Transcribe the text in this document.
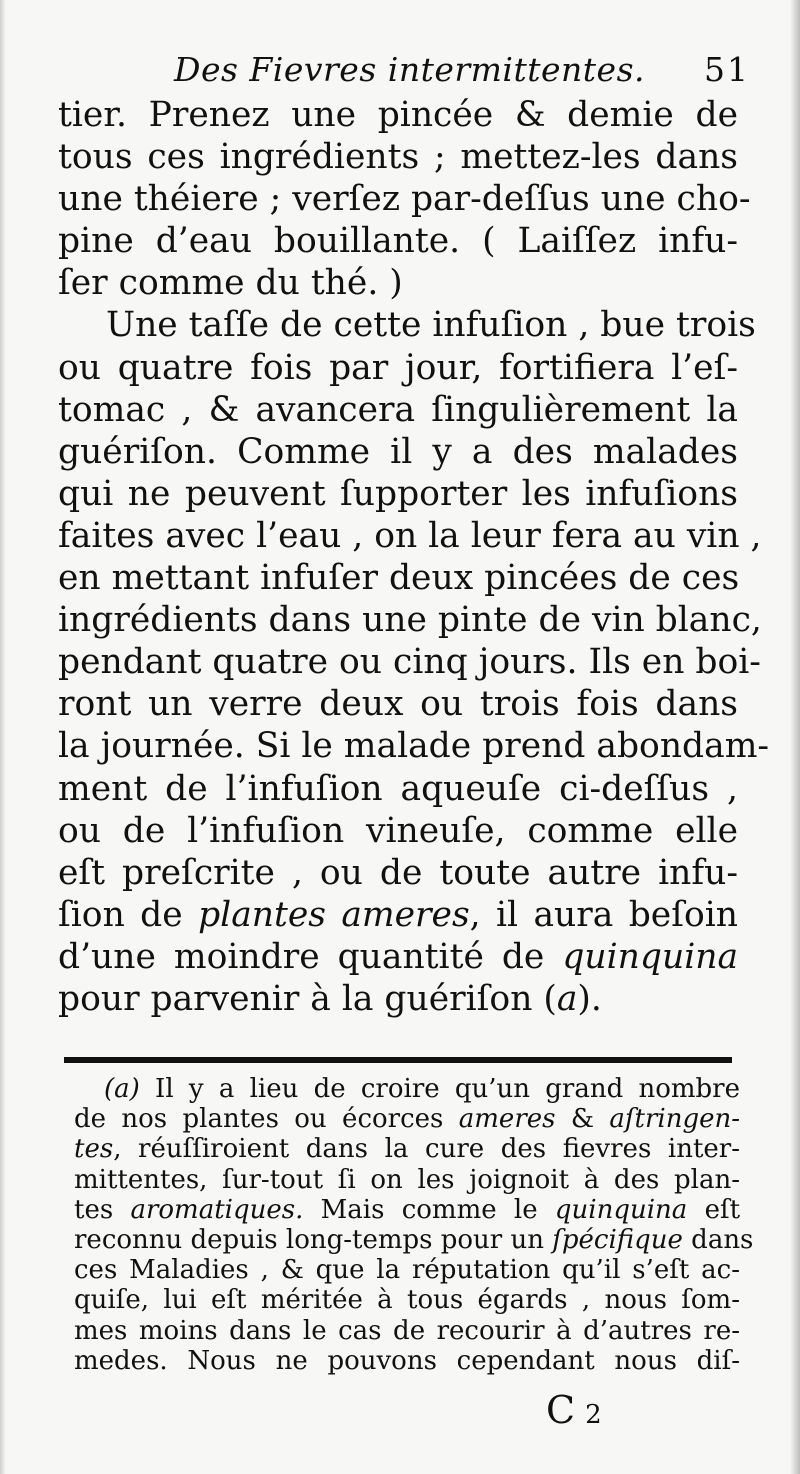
Des Fievres intermittentes. 51
tier. Prenez une pincée & demie de
tous ces ingrédients ; mettez-les dans
une théiere ; verſez par-deſſus une cho-
pine d’eau bouillante. ( Laiſſez infu-
ſer comme du thé. )
Une taſſe de cette infuſion , bue trois
ou quatre fois par jour, fortifiera l’eſ-
tomac , & avancera ſingulièrement la
guériſon. Comme il y a des malades
qui ne peuvent ſupporter les infuſions
faites avec l’eau , on la leur fera au vin ,
en mettant infuſer deux pincées de ces
ingrédients dans une pinte de vin blanc,
pendant quatre ou cinq jours. Ils en boi-
ront un verre deux ou trois fois dans
la journée. Si le malade prend abondam-
ment de l’infuſion aqueuſe ci-deſſus ,
ou de l’infuſion vineuſe, comme elle
eſt preſcrite , ou de toute autre infu-
ſion de plantes ameres, il aura beſoin
d’une moindre quantité de quinquina
pour parvenir à la guériſon (a).
(a) Il y a lieu de croire qu’un grand nombre
de nos plantes ou écorces ameres & aſtringen-
tes, réuſſiroient dans la cure des fievres inter-
mittentes, ſur-tout ſi on les joignoit à des plan-
tes aromatiques. Mais comme le quinquina eſt
reconnu depuis long-temps pour un ſpécifique dans
ces Maladies , & que la réputation qu’il s’eſt ac-
quiſe, lui eſt méritée à tous égards , nous ſom-
mes moins dans le cas de recourir à d’autres re-
medes. Nous ne pouvons cependant nous diſ-
C2
